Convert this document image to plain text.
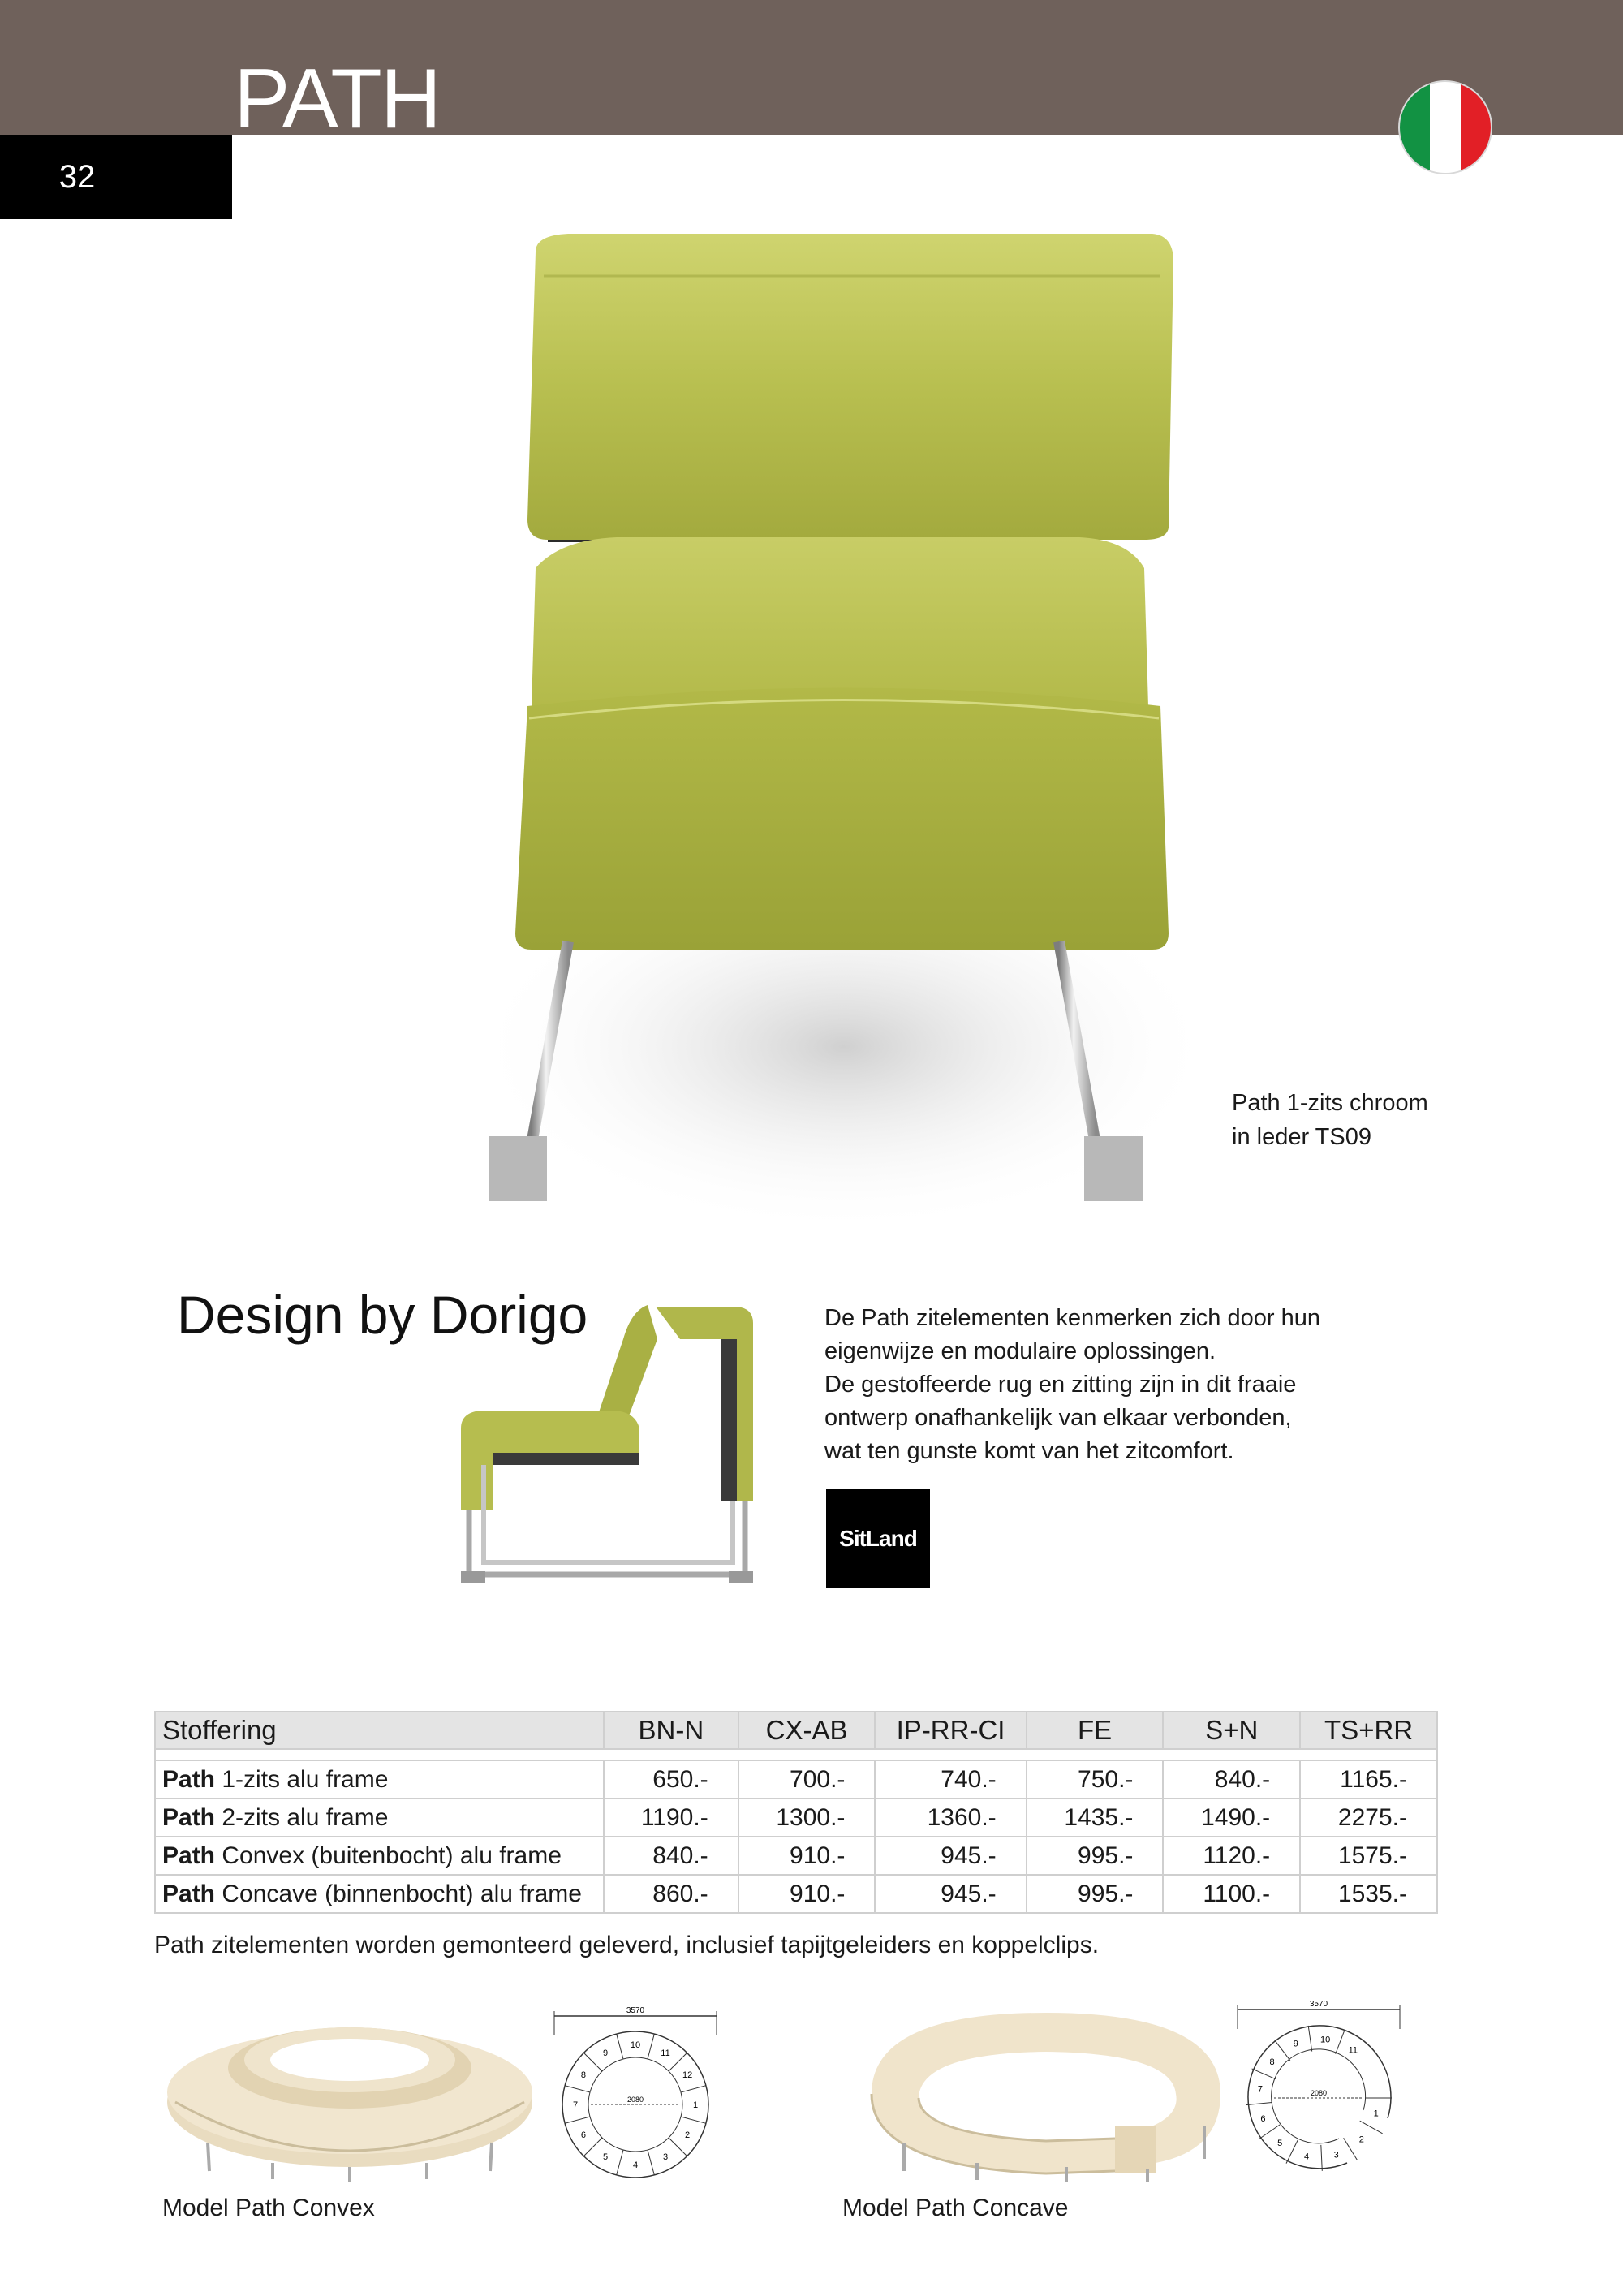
PATH
32
Path 1-zits chroom
in leder TS09
Design by Dorigo	De Path zitelementen kenmerken zich door hun

eigenwijze en modulaire oplossingen.

De gestoffeerde rug en zitting zijn in dit fraaie

ontwerp onafhankelijk van elkaar verbonden,

wat ten gunste komt van het zitcomfort.

SitLand
Stoffering	BN-N	CX-AB	IP-RR-CI	FE	S+N	TS+RR

Path 1-zits alu frame	650.-	700.-	740.-	750.-	840.-	1165.-
Path 2-zits alu frame	1190.-	1300.-	1360.-	1435.-	1490.-	2275.-
Path Convex (buitenbocht) alu frame	840.-	910.-	945.-	995.-	1120.-	1575.-
Path Concave (binnenbocht) alu frame	860.-	910.-	945.-	995.-	1100.-	1535.-
Path zitelementen worden gemonteerd geleverd, inclusief tapijtgeleiders en koppelclips.
3570
2080
1
2
3
4
5
6
7
8
9
10
11
12
3570
2080
1
2
3
4
5
6
7
8
9 10
11
Model Path Convex	Model Path Concave
